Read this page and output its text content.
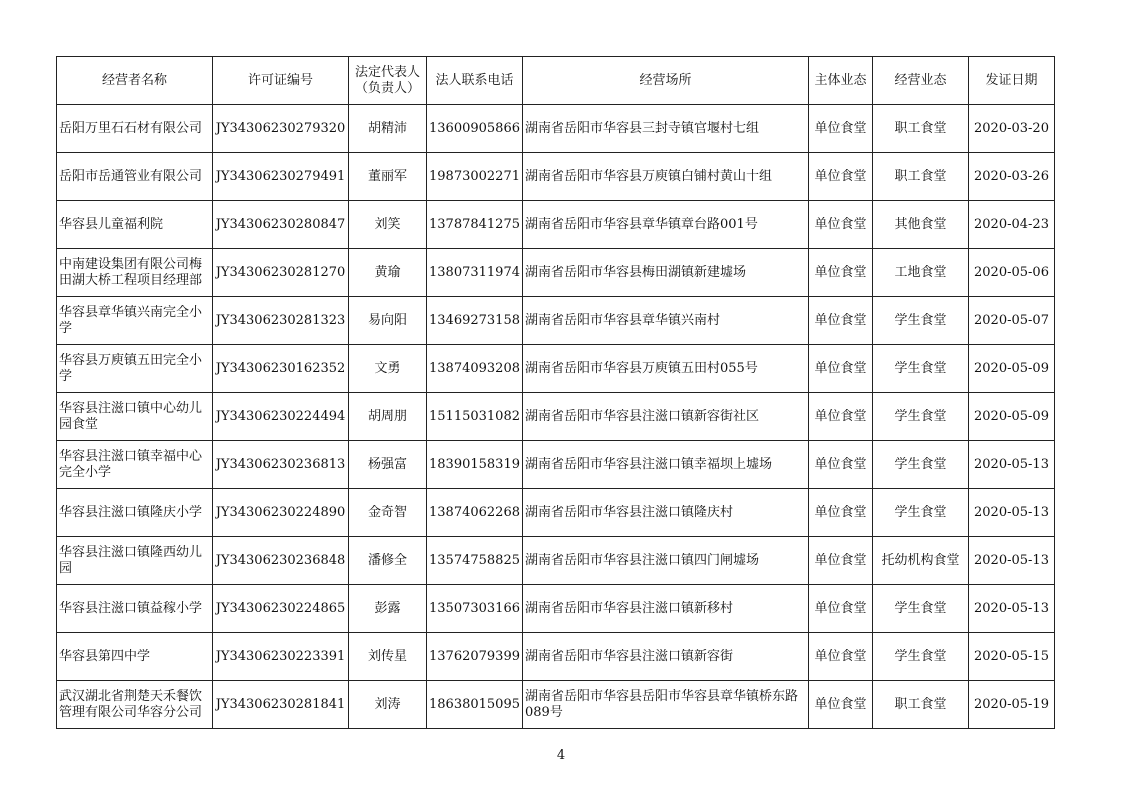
经营者名称	许可证编号	法定代表人（负责人）	法人联系电话	经营场所	主体业态	经营业态	发证日期

岳阳万里石石材有限公司	JY34306230279320	胡精沛	13600905866	湖南省岳阳市华容县三封寺镇官堰村七组	单位食堂	职工食堂	2020-03-20

岳阳市岳通管业有限公司	JY34306230279491	董丽军	19873002271	湖南省岳阳市华容县万庾镇白铺村黄山十组	单位食堂	职工食堂	2020-03-26

华容县儿童福利院	JY34306230280847	刘笑	13787841275	湖南省岳阳市华容县章华镇章台路001号	单位食堂	其他食堂	2020-04-23

中南建设集团有限公司梅田湖大桥工程项目经理部	JY34306230281270	黄瑜	13807311974	湖南省岳阳市华容县梅田湖镇新建墟场	单位食堂	工地食堂	2020-05-06

华容县章华镇兴南完全小学	JY34306230281323	易向阳	13469273158	湖南省岳阳市华容县章华镇兴南村	单位食堂	学生食堂	2020-05-07

华容县万庾镇五田完全小学	JY34306230162352	文勇	13874093208	湖南省岳阳市华容县万庾镇五田村055号	单位食堂	学生食堂	2020-05-09

华容县注滋口镇中心幼儿园食堂	JY34306230224494	胡周朋	15115031082	湖南省岳阳市华容县注滋口镇新容街社区	单位食堂	学生食堂	2020-05-09

华容县注滋口镇幸福中心完全小学	JY34306230236813	杨强富	18390158319	湖南省岳阳市华容县注滋口镇幸福坝上墟场	单位食堂	学生食堂	2020-05-13

华容县注滋口镇隆庆小学	JY34306230224890	金奇智	13874062268	湖南省岳阳市华容县注滋口镇隆庆村	单位食堂	学生食堂	2020-05-13

华容县注滋口镇隆西幼儿园	JY34306230236848	潘修全	13574758825	湖南省岳阳市华容县注滋口镇四门闸墟场	单位食堂	托幼机构食堂	2020-05-13

华容县注滋口镇益稼小学	JY34306230224865	彭露	13507303166	湖南省岳阳市华容县注滋口镇新移村	单位食堂	学生食堂	2020-05-13

华容县第四中学	JY34306230223391	刘传星	13762079399	湖南省岳阳市华容县注滋口镇新容街	单位食堂	学生食堂	2020-05-15

武汉湖北省荆楚天禾餐饮管理有限公司华容分公司	JY34306230281841	刘涛	18638015095	湖南省岳阳市华容县岳阳市华容县章华镇桥东路089号	单位食堂	职工食堂	2020-05-19
4
